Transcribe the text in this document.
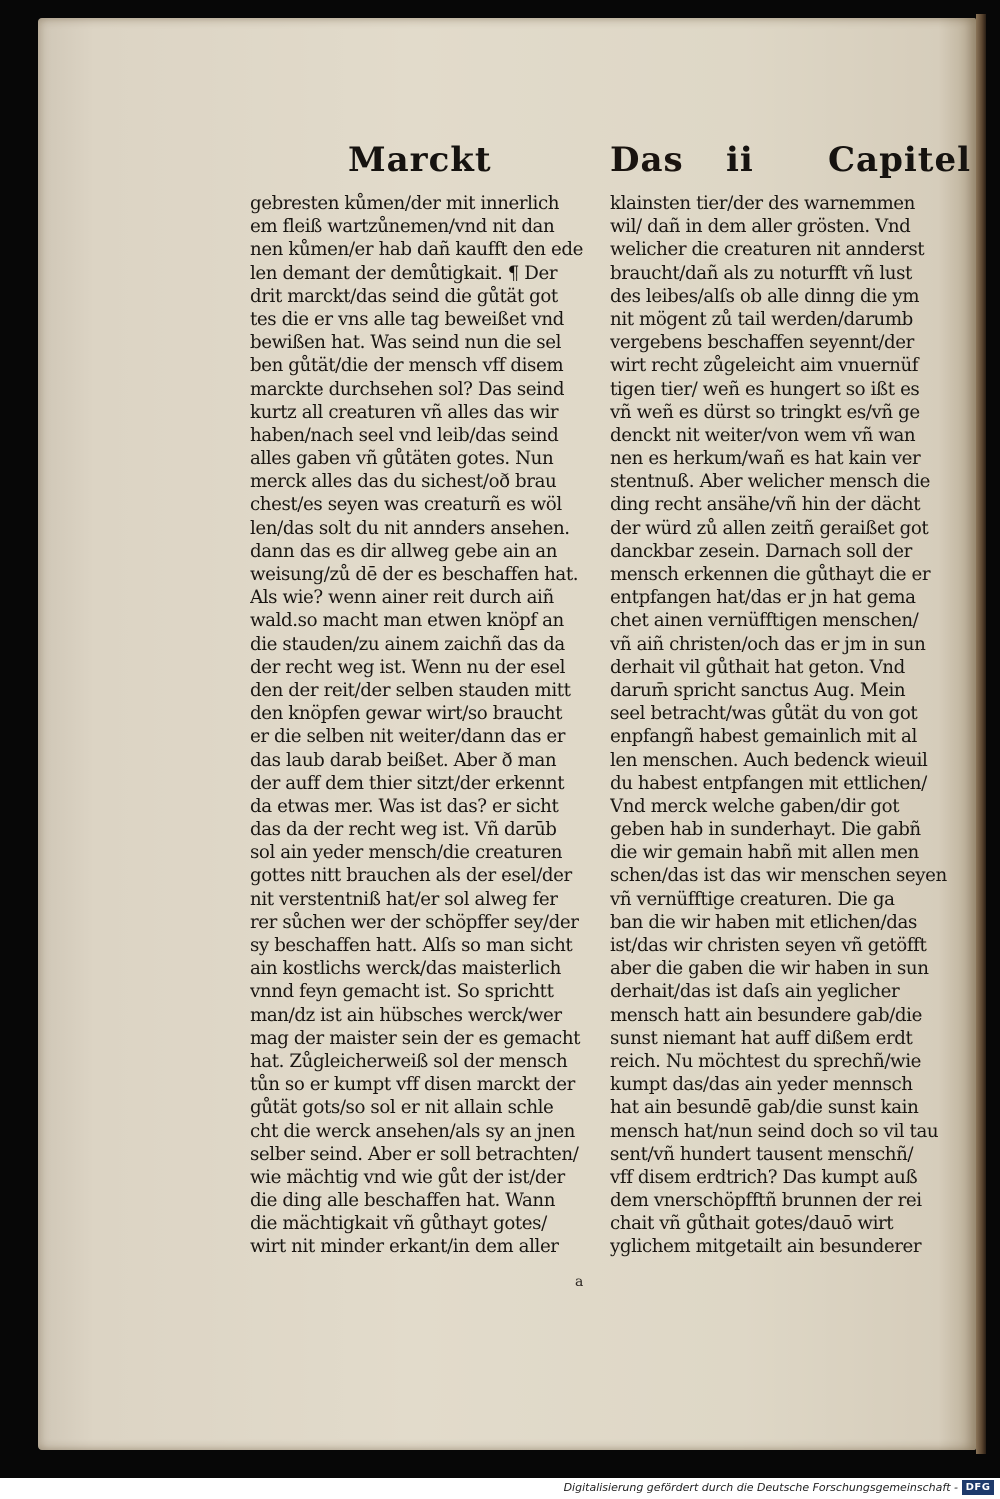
Marckt	Das ii Capitel
gebresten kůmen/der mit innerlich
em fleiß wartzůnemen/vnd nit dan
nen kůmen/er hab dañ kaufft den ede
len demant der demůtigkait. ¶ Der
drit marckt/das seind die gůtät got
tes die er vns alle tag beweißet vnd
bewißen hat. Was seind nun die sel
ben gůtät/die der mensch vff disem
marckte durchsehen sol? Das seind
kurtz all creaturen vñ alles das wir
haben/nach seel vnd leib/das seind
alles gaben vñ gůtäten gotes. Nun
merck alles das du sichest/oð brau
chest/es seyen was creaturñ es wöl
len/das solt du nit annders ansehen.
dann das es dir allweg gebe ain an
weisung/zů dē der es beschaffen hat.
Als wie? wenn ainer reit durch aiñ
wald.so macht man etwen knöpf an
die stauden/zu ainem zaichñ das da
der recht weg ist. Wenn nu der esel
den der reit/der selben stauden mitt
den knöpfen gewar wirt/so braucht
er die selben nit weiter/dann das er
das laub darab beißet. Aber ð man
der auff dem thier sitzt/der erkennt
da etwas mer. Was ist das? er sicht
das da der recht weg ist. Vñ darūb
sol ain yeder mensch/die creaturen
gottes nitt brauchen als der esel/der
nit verstentniß hat/er sol alweg fer
rer sůchen wer der schöpffer sey/der
sy beschaffen hatt. Alſs so man sicht
ain kostlichs werck/das maisterlich
vnnd feyn gemacht ist. So sprichtt
man/dz ist ain hübsches werck/wer
mag der maister sein der es gemacht
hat. Zůgleicherweiß sol der mensch
tůn so er kumpt vff disen marckt der
gůtät gots/so sol er nit allain schle
cht die werck ansehen/als sy an jnen
selber seind. Aber er soll betrachten/
wie mächtig vnd wie gůt der ist/der
die ding alle beschaffen hat. Wann
die mächtigkait vñ gůthayt gotes/
wirt nit minder erkant/in dem aller
klainsten tier/der des warnemmen
wil/ dañ in dem aller grösten. Vnd
welicher die creaturen nit annderst
braucht/dañ als zu noturfft vñ lust
des leibes/alſs ob alle dinng die ym
nit mögent zů tail werden/darumb
vergebens beschaffen seyennt/der
wirt recht zůgeleicht aim vnuernüf
tigen tier/ weñ es hungert so ißt es
vñ weñ es dürst so tringkt es/vñ ge
denckt nit weiter/von wem vñ wan
nen es herkum/wañ es hat kain ver
stentnuß. Aber welicher mensch die
ding recht ansähe/vñ hin der dächt
der würd zů allen zeitñ geraißet got
danckbar zesein. Darnach soll der
mensch erkennen die gůthayt die er
entpfangen hat/das er jn hat gema
chet ainen vernüfftigen menschen/
vñ aiñ christen/och das er jm in sun
derhait vil gůthait hat geton. Vnd
darum̄ spricht sanctus Aug. Mein
seel betracht/was gůtät du von got
enpfangñ habest gemainlich mit al
len menschen. Auch bedenck wieuil
du habest entpfangen mit ettlichen/
Vnd merck welche gaben/dir got
geben hab in sunderhayt. Die gabñ
die wir gemain habñ mit allen men
schen/das ist das wir menschen seyen
vñ vernüfftige creaturen. Die ga
ban die wir haben mit etlichen/das
ist/das wir christen seyen vñ getöfft
aber die gaben die wir haben in sun
derhait/das ist daſs ain yeglicher
mensch hatt ain besundere gab/die
sunst niemant hat auff dißem erdt
reich. Nu möchtest du sprechñ/wie
kumpt das/das ain yeder mennsch
hat ain besundē gab/die sunst kain
mensch hat/nun seind doch so vil tau
sent/vñ hundert tausent menschñ/
vff disem erdtrich? Das kumpt auß
dem vnerschöpfftñ brunnen der rei
chait vñ gůthait gotes/dauō wirt
yglichem mitgetailt ain besunderer
a
Digitalisierung gefördert durch die Deutsche Forschungsgemeinschaft - DFG
